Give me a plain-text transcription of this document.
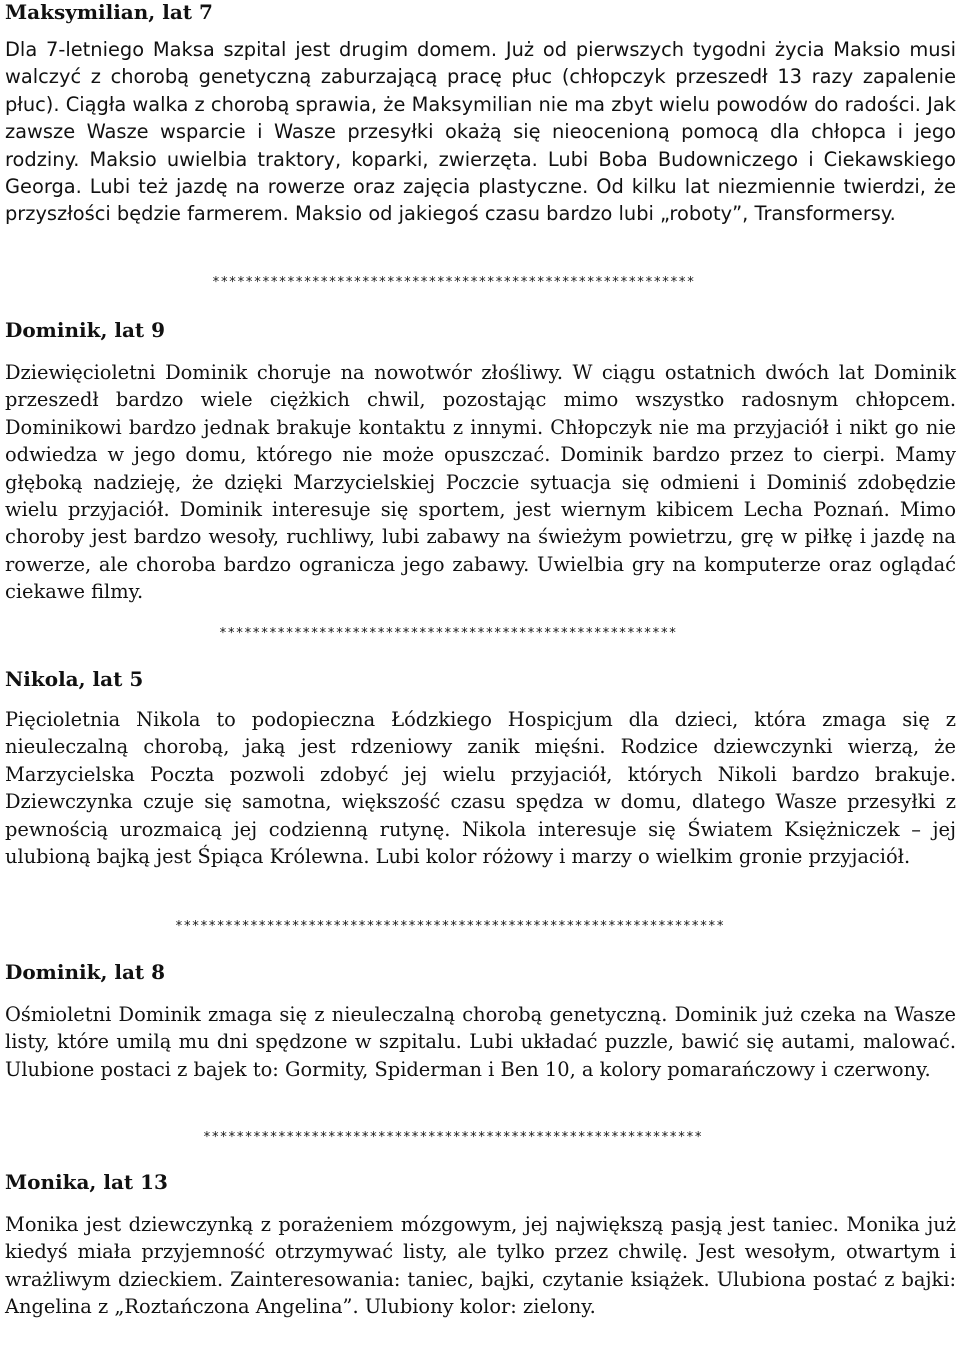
Maksymilian, lat 7

Dla 7-letniego Maksa szpital jest drugim domem. Już od pierwszych tygodni życia Maksio musi walczyć z chorobą genetyczną zaburzającą pracę płuc (chłopczyk przeszedł 13 razy zapalenie płuc). Ciągła walka z chorobą sprawia, że Maksymilian nie ma zbyt wielu powodów do radości. Jak zawsze Wasze wsparcie i Wasze przesyłki okażą się nieocenioną pomocą dla chłopca i jego rodziny. Maksio uwielbia traktory, koparki, zwierzęta. Lubi Boba Budowniczego i Ciekawskiego Georga. Lubi też jazdę na rowerze oraz zajęcia plastyczne. Od kilku lat niezmiennie twierdzi, że przyszłości będzie farmerem. Maksio od jakiegoś czasu bardzo lubi „roboty”, Transformersy.

**********************************************************
Dominik, lat 9

Dziewięcioletni Dominik choruje na nowotwór złośliwy. W ciągu ostatnich dwóch lat Dominik przeszedł bardzo wiele ciężkich chwil, pozostając mimo wszystko radosnym chłopcem. Dominikowi bardzo jednak brakuje kontaktu z innymi. Chłopczyk nie ma przyjaciół i nikt go nie odwiedza w jego domu, którego nie może opuszczać. Dominik bardzo przez to cierpi. Mamy głęboką nadzieję, że dzięki Marzycielskiej Poczcie sytuacja się odmieni i Dominiś zdobędzie wielu przyjaciół. Dominik interesuje się sportem, jest wiernym kibicem Lecha Poznań. Mimo choroby jest bardzo wesoły, ruchliwy, lubi zabawy na świeżym powietrzu, grę w piłkę i jazdę na rowerze, ale choroba bardzo ogranicza jego zabawy. Uwielbia gry na komputerze oraz oglądać ciekawe filmy.

*******************************************************
Nikola, lat 5

Pięcioletnia Nikola to podopieczna Łódzkiego Hospicjum dla dzieci, która zmaga się z nieuleczalną chorobą, jaką jest rdzeniowy zanik mięśni. Rodzice dziewczynki wierzą, że Marzycielska Poczta pozwoli zdobyć jej wielu przyjaciół, których Nikoli bardzo brakuje. Dziewczynka czuje się samotna, większość czasu spędza w domu, dlatego Wasze przesyłki z pewnością urozmaicą jej codzienną rutynę. Nikola interesuje się Światem Księżniczek – jej ulubioną bajką jest Śpiąca Królewna. Lubi kolor różowy i marzy o wielkim gronie przyjaciół.

******************************************************************
Dominik, lat 8

Ośmioletni Dominik zmaga się z nieuleczalną chorobą genetyczną. Dominik już czeka na Wasze listy, które umilą mu dni spędzone w szpitalu. Lubi układać puzzle, bawić się autami, malować. Ulubione postaci z bajek to: Gormity, Spiderman i Ben 10, a kolory pomarańczowy i czerwony.

************************************************************
Monika, lat 13

Monika jest dziewczynką z porażeniem mózgowym, jej największą pasją jest taniec. Monika już kiedyś miała przyjemność otrzymywać listy, ale tylko przez chwilę. Jest wesołym, otwartym i wrażliwym dzieckiem. Zainteresowania: taniec, bajki, czytanie książek. Ulubiona postać z bajki: Angelina z „Roztańczona Angelina”. Ulubiony kolor: zielony.
